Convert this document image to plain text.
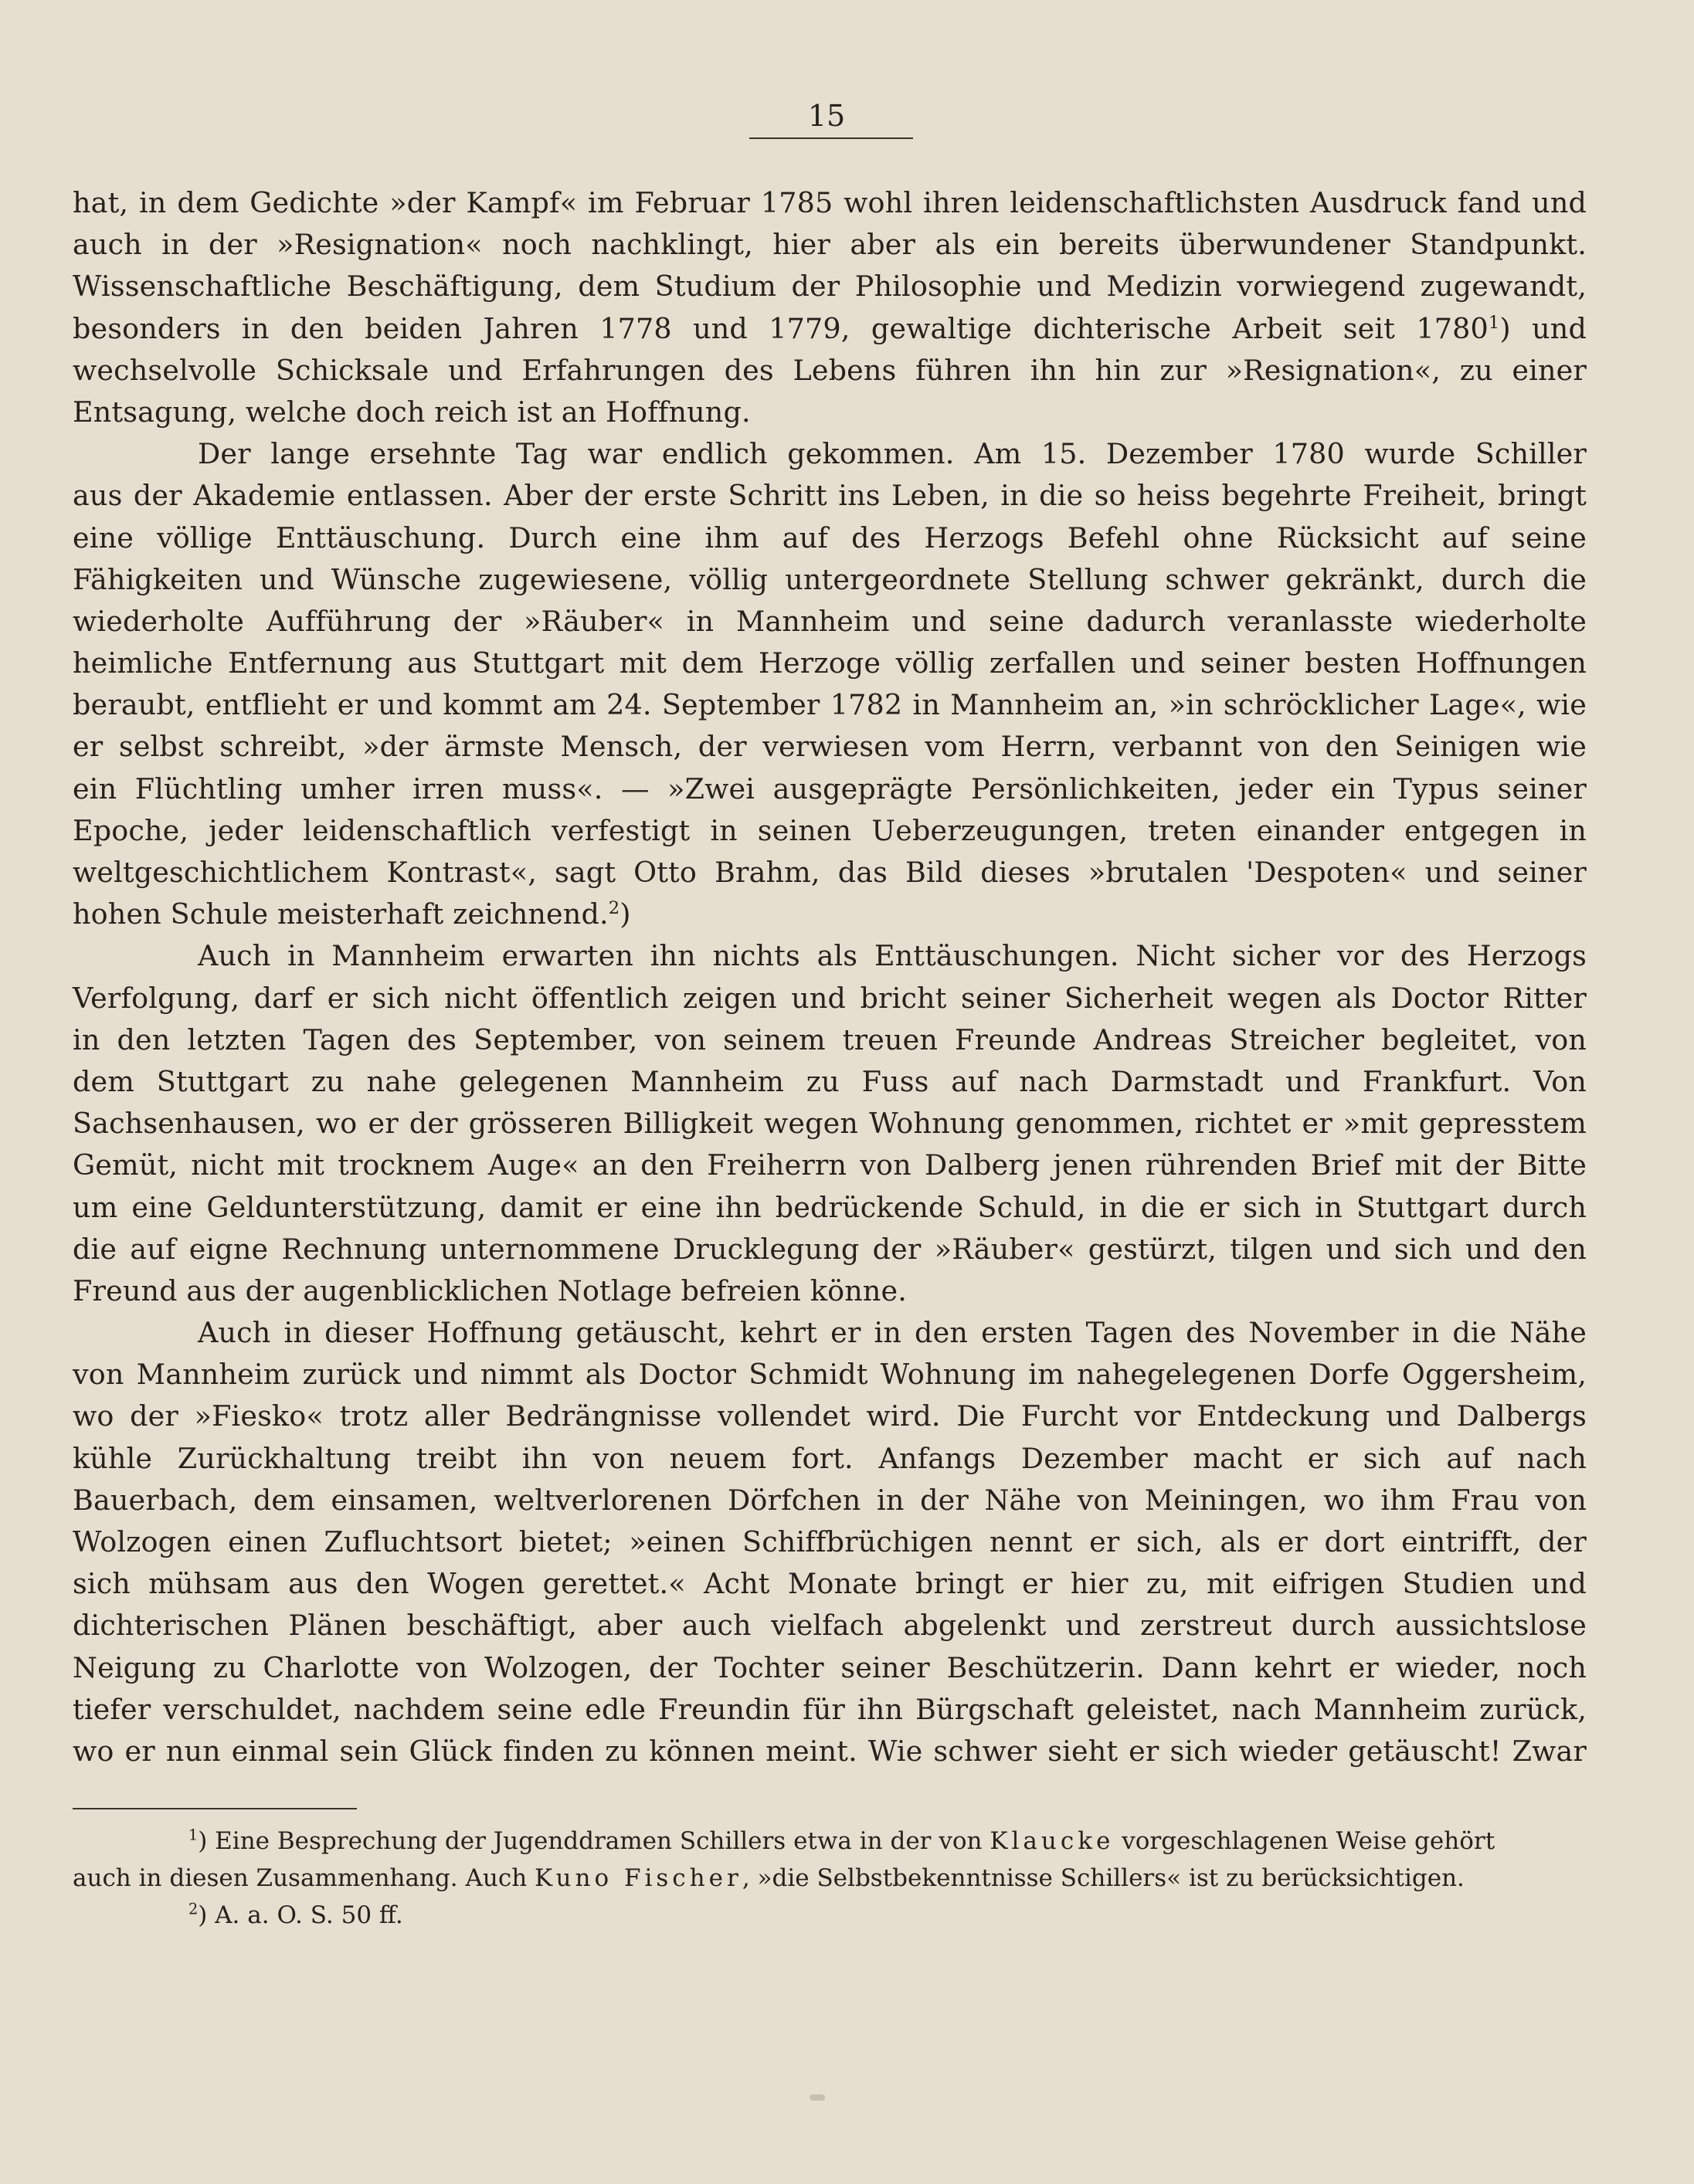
15
hat, in dem Gedichte »der Kampf« im Februar 1785 wohl ihren leidenschaftlichsten Ausdruck fand und
auch in der »Resignation« noch nachklingt, hier aber als ein bereits überwundener Standpunkt.
Wissenschaftliche Beschäftigung, dem Studium der Philosophie und Medizin vorwiegend zugewandt,
besonders in den beiden Jahren 1778 und 1779, gewaltige dichterische Arbeit seit 1780$^1$) und
wechselvolle Schicksale und Erfahrungen des Lebens führen ihn hin zur »Resignation«, zu einer
Entsagung, welche doch reich ist an Hoffnung.
Der lange ersehnte Tag war endlich gekommen. Am 15. Dezember 1780 wurde Schiller
aus der Akademie entlassen. Aber der erste Schritt ins Leben, in die so heiss begehrte Freiheit, bringt
eine völlige Enttäuschung. Durch eine ihm auf des Herzogs Befehl ohne Rücksicht auf seine
Fähigkeiten und Wünsche zugewiesene, völlig untergeordnete Stellung schwer gekränkt, durch die
wiederholte Aufführung der »Räuber« in Mannheim und seine dadurch veranlasste wiederholte
heimliche Entfernung aus Stuttgart mit dem Herzoge völlig zerfallen und seiner besten Hoffnungen
beraubt, entflieht er und kommt am 24. September 1782 in Mannheim an, »in schröcklicher Lage«, wie
er selbst schreibt, »der ärmste Mensch, der verwiesen vom Herrn, verbannt von den Seinigen wie
ein Flüchtling umher irren muss«. — »Zwei ausgeprägte Persönlichkeiten, jeder ein Typus seiner
Epoche, jeder leidenschaftlich verfestigt in seinen Ueberzeugungen, treten einander entgegen in
weltgeschichtlichem Kontrast«, sagt Otto Brahm, das Bild dieses »brutalen 'Despoten« und seiner
hohen Schule meisterhaft zeichnend.$^2$)
Auch in Mannheim erwarten ihn nichts als Enttäuschungen. Nicht sicher vor des Herzogs
Verfolgung, darf er sich nicht öffentlich zeigen und bricht seiner Sicherheit wegen als Doctor Ritter
in den letzten Tagen des September, von seinem treuen Freunde Andreas Streicher begleitet, von
dem Stuttgart zu nahe gelegenen Mannheim zu Fuss auf nach Darmstadt und Frankfurt. Von
Sachsenhausen, wo er der grösseren Billigkeit wegen Wohnung genommen, richtet er »mit gepresstem
Gemüt, nicht mit trocknem Auge« an den Freiherrn von Dalberg jenen rührenden Brief mit der Bitte
um eine Geldunterstützung, damit er eine ihn bedrückende Schuld, in die er sich in Stuttgart durch
die auf eigne Rechnung unternommene Drucklegung der »Räuber« gestürzt, tilgen und sich und den
Freund aus der augenblicklichen Notlage befreien könne.
Auch in dieser Hoffnung getäuscht, kehrt er in den ersten Tagen des November in die Nähe
von Mannheim zurück und nimmt als Doctor Schmidt Wohnung im nahegelegenen Dorfe Oggersheim,
wo der »Fiesko« trotz aller Bedrängnisse vollendet wird. Die Furcht vor Entdeckung und Dalbergs
kühle Zurückhaltung treibt ihn von neuem fort. Anfangs Dezember macht er sich auf nach
Bauerbach, dem einsamen, weltverlorenen Dörfchen in der Nähe von Meiningen, wo ihm Frau von
Wolzogen einen Zufluchtsort bietet; »einen Schiffbrüchigen nennt er sich, als er dort eintrifft, der
sich mühsam aus den Wogen gerettet.« Acht Monate bringt er hier zu, mit eifrigen Studien und
dichterischen Plänen beschäftigt, aber auch vielfach abgelenkt und zerstreut durch aussichtslose
Neigung zu Charlotte von Wolzogen, der Tochter seiner Beschützerin. Dann kehrt er wieder, noch
tiefer verschuldet, nachdem seine edle Freundin für ihn Bürgschaft geleistet, nach Mannheim zurück,
wo er nun einmal sein Glück finden zu können meint. Wie schwer sieht er sich wieder getäuscht! Zwar
$^1$) Eine Besprechung der Jugenddramen Schillers etwa in der von Klaucke vorgeschlagenen Weise gehört
auch in diesen Zusammenhang. Auch Kuno Fischer, »die Selbstbekenntnisse Schillers« ist zu berücksichtigen.
$^2$) A. a. O. S. 50 ff.
